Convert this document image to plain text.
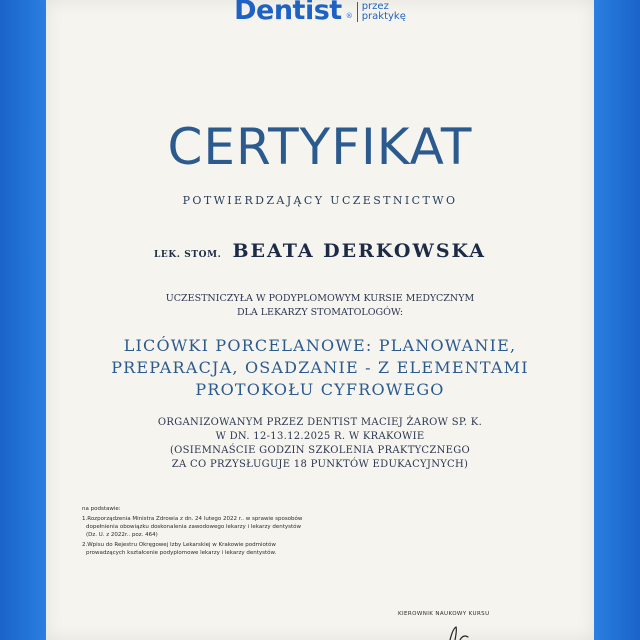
Dentist ®
przez
praktykę
CERTYFIKAT
POTWIERDZAJĄCY UCZESTNICTWO
LEK. STOM. BEATA DERKOWSKA
UCZESTNICZYŁA W PODYPLOMOWYM KURSIE MEDYCZNYM
DLA LEKARZY STOMATOLOGÓW:
LICÓWKI PORCELANOWE: PLANOWANIE,
PREPARACJA, OSADZANIE - Z ELEMENTAMI
PROTOKOŁU CYFROWEGO
ORGANIZOWANYM PRZEZ DENTIST MACIEJ ŻAROW SP. K.
W DN. 12-13.12.2025 R. W KRAKOWIE
(OSIEMNAŚCIE GODZIN SZKOLENIA PRAKTYCZNEGO
ZA CO PRZYSŁUGUJE 18 PUNKTÓW EDUKACYJNYCH)
na podstawie:
1.Rozporządzenia Ministra Zdrowia z dn. 24 lutego 2022 r.. w sprawie sposobów
dopełnienia obowiązku doskonalenia zawodowego lekarzy i lekarzy dentystów
(Dz. U. z 2022r.. poz. 464)
2.Wpisu do Rejestru Okręgowej Izby Lekarskiej w Krakowie podmiotów
prowadzących kształcenie podyplomowe lekarzy i lekarzy dentystów.
KIEROWNIK NAUKOWY KURSU
